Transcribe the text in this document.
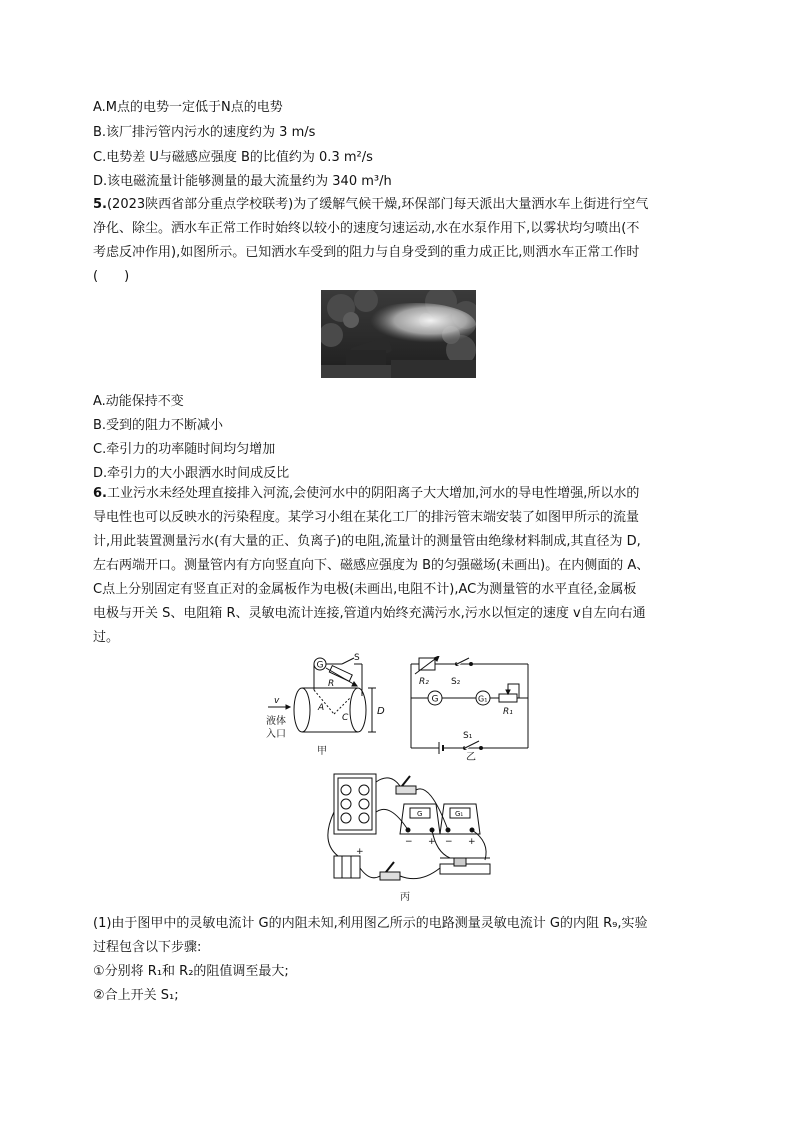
A.M点的电势一定低于N点的电势
B.该厂排污管内污水的速度约为 3 m/s
C.电势差 U与磁感应强度 B的比值约为 0.3 m²/s
D.该电磁流量计能够测量的最大流量约为 340 m³/h
5.(2023陕西省部分重点学校联考)为了缓解气候干燥,环保部门每天派出大量洒水车上街进行空气
净化、除尘。洒水车正常工作时始终以较小的速度匀速运动,水在水泵作用下,以雾状均匀喷出(不
考虑反冲作用),如图所示。已知洒水车受到的阻力与自身受到的重力成正比,则洒水车正常工作时
(　　)
A.动能保持不变
B.受到的阻力不断减小
C.牵引力的功率随时间均匀增加
D.牵引力的大小跟洒水时间成反比
6.工业污水未经处理直接排入河流,会使河水中的阴阳离子大大增加,河水的导电性增强,所以水的
导电性也可以反映水的污染程度。某学习小组在某化工厂的排污管末端安装了如图甲所示的流量
计,用此装置测量污水(有大量的正、负离子)的电阻,流量计的测量管由绝缘材料制成,其直径为 D,
左右两端开口。测量管内有方向竖直向下、磁感应强度为 B的匀强磁场(未画出)。在内侧面的 A、
C点上分别固定有竖直正对的金属板作为电极(未画出,电阻不计),AC为测量管的水平直径,金属板
电极与开关 S、电阻箱 R、灵敏电流计连接,管道内始终充满污水,污水以恒定的速度 v自左向右通
过。
G
S
R
A
C
D
v
液体
入口
甲
R₂ S₂
G	G₁
R₁
S₁
乙
G
− +
G₁
− +
+
丙
(1)由于图甲中的灵敏电流计 G的内阻未知,利用图乙所示的电路测量灵敏电流计 G的内阻 R₉,实验
过程包含以下步骤:
①分别将 R₁和 R₂的阻值调至最大;
②合上开关 S₁;
